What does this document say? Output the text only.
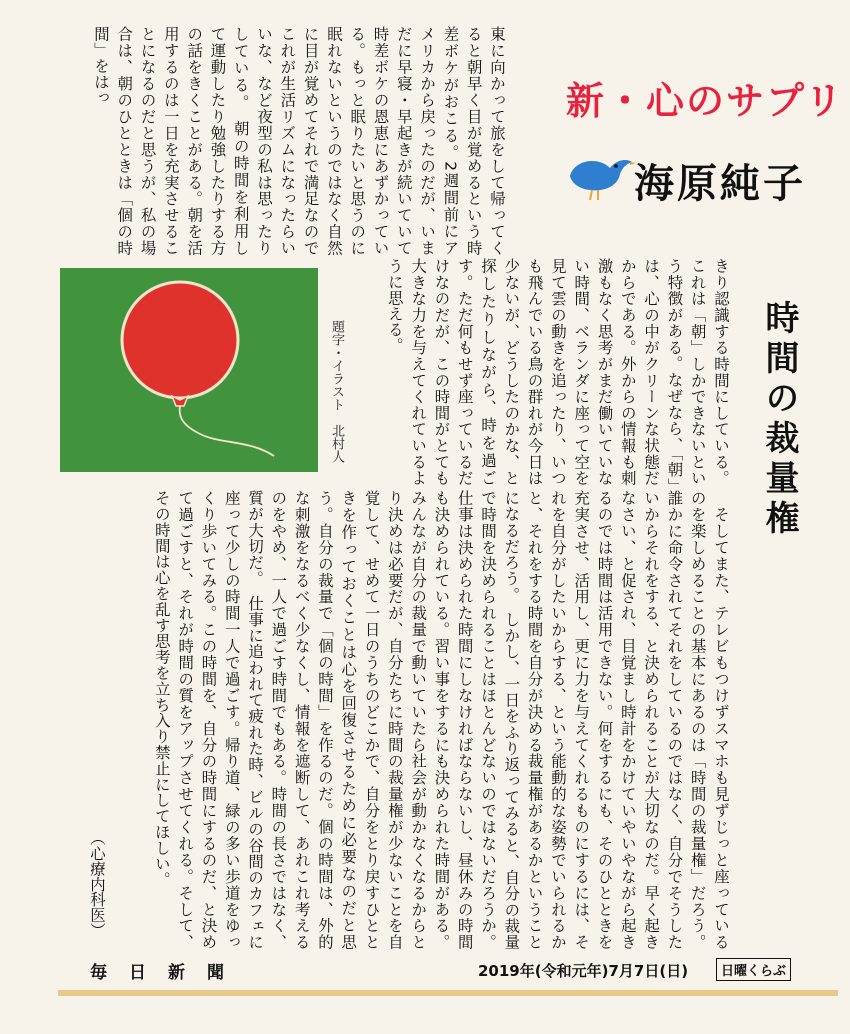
新・心のサプリ
海原純子
時間の裁量権
東に向かって旅をして帰ってくると朝早く目が覚めるという時差ボケがおこる。2週間前にアメリカから戻ったのだが、いまだに早寝・早起きが続いていて時差ボケの恩恵にあずかっている。もっと眠りたいと思うのに眠れないというのではなく自然に目が覚めてそれで満足なのでこれが生活リズムになったらいいな、など夜型の私は思ったりしている。　朝の時間を利用して運動したり勉強したりする方の話をきくことがある。朝を活用するのは一日を充実させることになるのだと思うが、私の場合は、朝のひとときは「個の時間」をはっ
きり認識する時間にしている。これは「朝」しかできないという特徴がある。なぜなら、「朝」は、心の中がクリーンな状態だからである。外からの情報も刺激もなく思考がまだ働いていない時間、ベランダに座って空を見て雲の動きを追ったり、いつも飛んでいる鳥の群れが今日は少ないが、どうしたのかな、と探したりしながら、時を過ごす。ただ何もせず座っているだけなのだが、この時間がとても大きな力を与えてくれているように思える。
　そしてまた、テレビもつけずスマホも見ずじっと座っているのを楽しめることの基本にあるのは「時間の裁量権」だろう。誰かに命令されてそれをしているのではなく、自分でそうしたいからそれをする、と決められることが大切なのだ。早く起きなさい、と促され、目覚まし時計をかけていやいやながら起きるのでは時間は活用できない。何をするにも、そのひとときを充実させ、活用し、更に力を与えてくれるものにするには、それを自分がしたいからする、という能動的な姿勢でいられるかと、それをする時間を自分が決める裁量権があるかということになるだろう。　しかし、一日をふり返ってみると、自分の裁量で時間を決められることはほとんどないのではないだろうか。仕事は決められた時間にしなければならないし、昼休みの時間も決められている。習い事をするにも決められた時間がある。みんなが自分の裁量で動いていたら社会が動かなくなるからとり決めは必要だが、自分たちに時間の裁量権が少ないことを自覚して、せめて一日のうちのどこかで、自分をとり戻すひとときを作っておくことは心を回復させるために必要なのだと思う。自分の裁量で「個の時間」を作るのだ。個の時間は、外的な刺激をなるべく少なくし、情報を遮断して、あれこれ考えるのをやめ、一人で過ごす時間でもある。時間の長さではなく、質が大切だ。　仕事に追われて疲れた時、ビルの谷間のカフェに座って少しの時間一人で過ごす。帰り道、緑の多い歩道をゆっくり歩いてみる。この時間を、自分の時間にするのだ、と決めて過ごすと、それが時間の質をアップさせてくれる。そして、その時間は心を乱す思考を立ち入り禁止にしてほしい。
（心療内科医）
題字・イラスト　北村人
毎日新聞	2019年(令和元年)7月7日(日)	日曜くらぶ
